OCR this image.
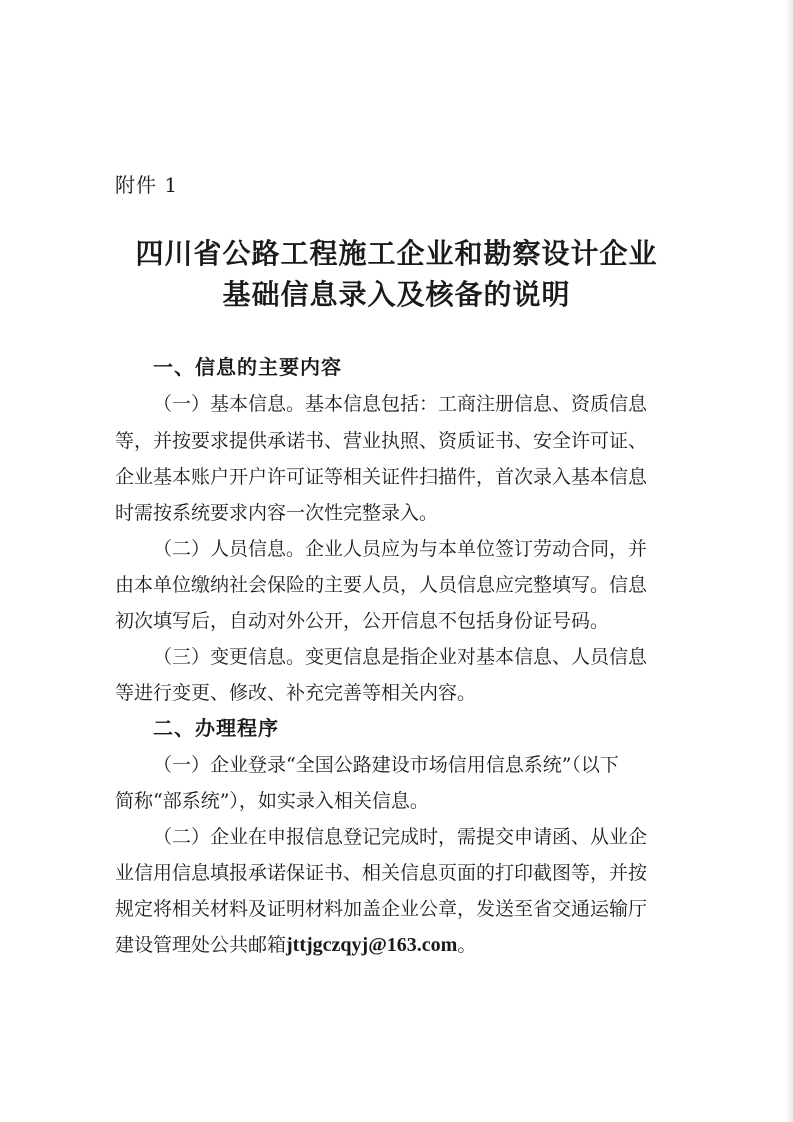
附件 1
四川省公路工程施工企业和勘察设计企业
基础信息录入及核备的说明
一、信息的主要内容
（一）基本信息。基本信息包括：工商注册信息、资质信息
等，并按要求提供承诺书、营业执照、资质证书、安全许可证、
企业基本账户开户许可证等相关证件扫描件，首次录入基本信息
时需按系统要求内容一次性完整录入。
（二）人员信息。企业人员应为与本单位签订劳动合同，并
由本单位缴纳社会保险的主要人员，人员信息应完整填写。信息
初次填写后，自动对外公开，公开信息不包括身份证号码。
（三）变更信息。变更信息是指企业对基本信息、人员信息
等进行变更、修改、补充完善等相关内容。
二、办理程序
（一）企业登录“全国公路建设市场信用信息系统”（以下
简称“部系统”），如实录入相关信息。
（二）企业在申报信息登记完成时，需提交申请函、从业企
业信用信息填报承诺保证书、相关信息页面的打印截图等，并按
规定将相关材料及证明材料加盖企业公章，发送至省交通运输厅
建设管理处公共邮箱jttjgczqyj@163.com。
